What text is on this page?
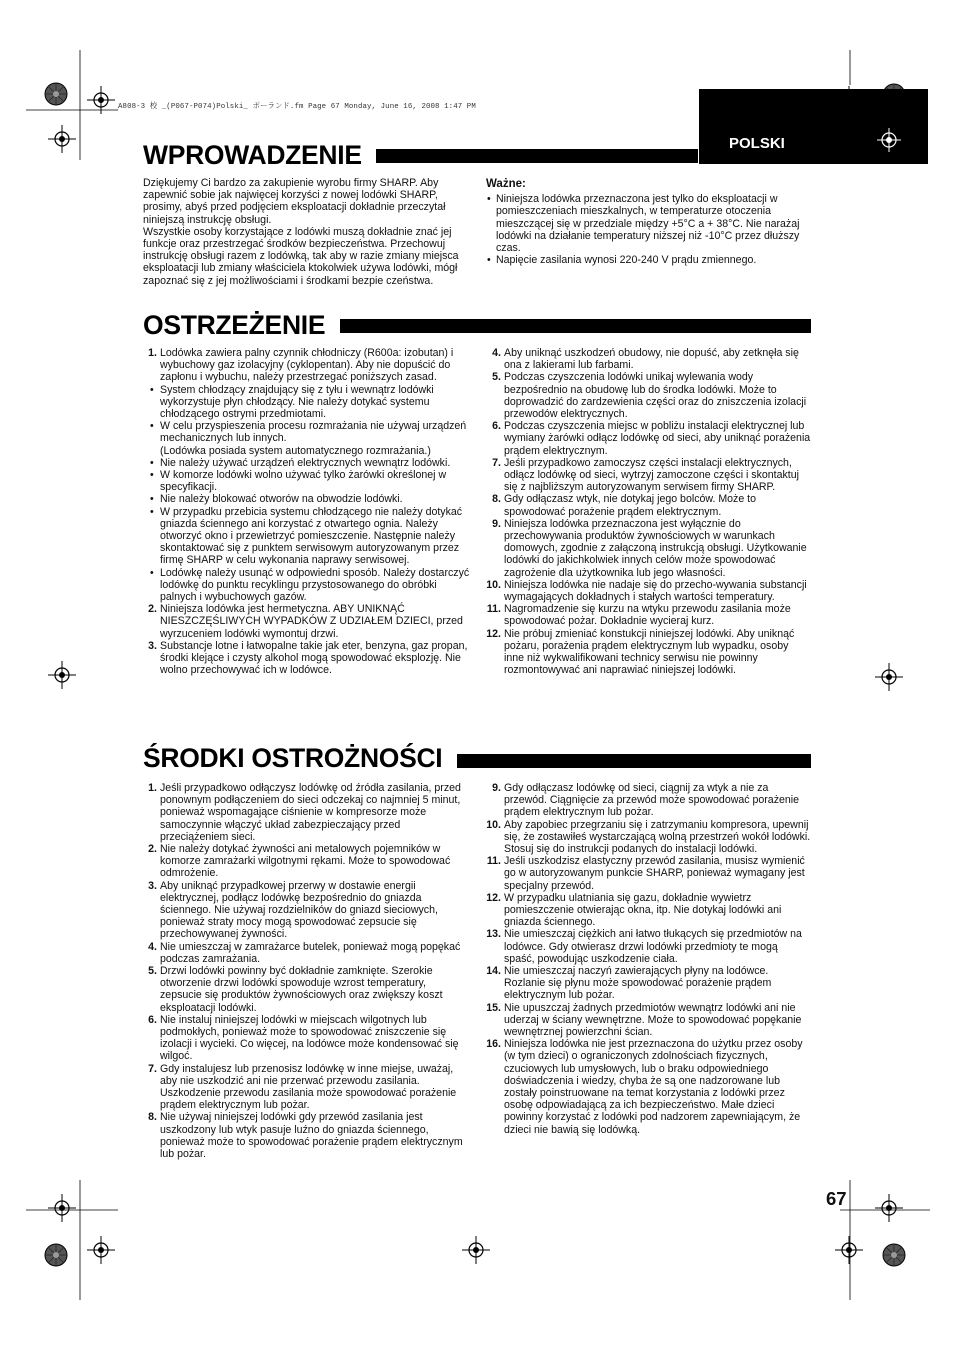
A808-3 校 _(P067-P074)Polski_ ポーランド.fm Page 67 Monday, June 16, 2008 1:47 PM
POLSKI
WPROWADZENIE

Dziękujemy Ci bardzo za zakupienie wyrobu firmy SHARP. Aby zapewnić sobie jak najwięcej korzyści z nowej lodówki SHARP, prosimy, abyś przed podjęciem eksploatacji dokładnie przeczytał niniejszą instrukcję obsługi.

Wszystkie osoby korzystające z lodówki muszą dokładnie znać jej funkcje oraz przestrzegać środków bezpieczeństwa. Przechowuj instrukcję obsługi razem z lodówką, tak aby w razie zmiany miejsca eksploatacji lub zmiany właściciela ktokolwiek używa lodówki, mógł zapoznać się z jej możliwościami i środkami bezpie czeństwa.

Ważne:
• Niniejsza lodówka przeznaczona jest tylko do eksploatacji w pomieszczeniach mieszkalnych, w temperaturze otoczenia mieszczącej się w przedziale między +5°C a + 38°C. Nie narażaj lodówki na działanie temperatury niższej niż -10°C przez dłuższy czas.
• Napięcie zasilania wynosi 220-240 V prądu zmiennego.
OSTRZEŻENIE
1. Lodówka zawiera palny czynnik chłodniczy (R600a: izobutan) i wybuchowy gaz izolacyjny (cyklopentan). Aby nie dopuścić do zapłonu i wybuchu, należy przestrzegać poniższych zasad.
• System chłodzący znajdujący się z tyłu i wewnątrz lodówki wykorzystuje płyn chłodzący. Nie należy dotykać systemu chłodzącego ostrymi przedmiotami.
• W celu przyspieszenia procesu rozmrażania nie używaj urządzeń mechanicznych lub innych.
(Lodówka posiada system automatycznego rozmrażania.)
• Nie należy używać urządzeń elektrycznych wewnątrz lodówki.
• W komorze lodówki wolno używać tylko żarówki określonej w specyfikacji.
• Nie należy blokować otworów na obwodzie lodówki.
• W przypadku przebicia systemu chłodzącego nie należy dotykać gniazda ściennego ani korzystać z otwartego ognia. Należy otworzyć okno i przewietrzyć pomieszczenie. Następnie należy skontaktować się z punktem serwisowym autoryzowanym przez firmę SHARP w celu wykonania naprawy serwisowej.
• Lodówkę należy usunąć w odpowiedni sposób. Należy dostarczyć lodówkę do punktu recyklingu przystosowanego do obróbki palnych i wybuchowych gazów.
2. Niniejsza lodówka jest hermetyczna. ABY UNIKNĄĆ NIESZCZĘŚLIWYCH WYPADKÓW Z UDZIAŁEM DZIECI, przed wyrzuceniem lodówki wymontuj drzwi.
3. Substancje lotne i łatwopalne takie jak eter, benzyna, gaz propan, środki klejące i czysty alkohol mogą spowodować eksplozję. Nie wolno przechowywać ich w lodówce.
4. Aby uniknąć uszkodzeń obudowy, nie dopuść, aby zetknęła się ona z lakierami lub farbami.
5. Podczas czyszczenia lodówki unikaj wylewania wody bezpośrednio na obudowę lub do środka lodówki. Może to doprowadzić do zardzewienia części oraz do zniszczenia izolacji przewodów elektrycznych.
6. Podczas czyszczenia miejsc w pobliżu instalacji elektrycznej lub wymiany żarówki odłącz lodówkę od sieci, aby uniknąć porażenia prądem elektrycznym.
7. Jeśli przypadkowo zamoczysz części instalacji elektrycznych, odłącz lodówkę od sieci, wytrzyj zamoczone części i skontaktuj się z najbliższym autoryzowanym serwisem firmy SHARP.
8. Gdy odłączasz wtyk, nie dotykaj jego bolców. Może to spowodować porażenie prądem elektrycznym.
9. Niniejsza lodówka przeznaczona jest wyłącznie do przechowywania produktów żywnościowych w warunkach domowych, zgodnie z załączoną instrukcją obsługi. Użytkowanie lodówki do jakichkolwiek innych celów może spowodować zagrożenie dla użytkownika lub jego własności.
10. Niniejsza lodówka nie nadaje się do przecho-wywania substancji wymagających dokładnych i stałych wartości temperatury.
11. Nagromadzenie się kurzu na wtyku przewodu zasilania może spowodować pożar. Dokładnie wycieraj kurz.
12. Nie próbuj zmieniać konstukcji niniejszej lodówki. Aby uniknąć pożaru, porażenia prądem elektrycznym lub wypadku, osoby inne niż wykwalifikowani technicy serwisu nie powinny rozmontowywać ani naprawiać niniejszej lodówki.
ŚRODKI OSTROŻNOŚCI
1. Jeśli przypadkowo odłączysz lodówkę od źródła zasilania, przed ponownym podłączeniem do sieci odczekaj co najmniej 5 minut, ponieważ wspomagające ciśnienie w kompresorze może samoczynnie włączyć układ zabezpieczający przed przeciążeniem sieci.
2. Nie należy dotykać żywności ani metalowych pojemników w komorze zamrażarki wilgotnymi rękami. Może to spowodować odmrożenie.
3. Aby uniknąć przypadkowej przerwy w dostawie energii elektrycznej, podłącz lodówkę bezpośrednio do gniazda ściennego. Nie używaj rozdzielników do gniazd sieciowych, ponieważ straty mocy mogą spowodować zepsucie się przechowywanej żywności.
4. Nie umieszczaj w zamrażarce butelek, ponieważ mogą popękać podczas zamrażania.
5. Drzwi lodówki powinny być dokładnie zamknięte. Szerokie otworzenie drzwi lodówki spowoduje wzrost temperatury, zepsucie się produktów żywnościowych oraz zwiększy koszt eksploatacji lodówki.
6. Nie instaluj niniejszej lodówki w miejscach wilgotnych lub podmokłych, ponieważ może to spowodować zniszczenie się izolacji i wycieki. Co więcej, na lodówce może kondensować się wilgoć.
7. Gdy instalujesz lub przenosisz lodówkę w inne miejse, uważaj, aby nie uszkodzić ani nie przerwać przewodu zasilania. Uszkodzenie przewodu zasilania może spowodować porażenie prądem elektrycznym lub pożar.
8. Nie używaj niniejszej lodówki gdy przewód zasilania jest uszkodzony lub wtyk pasuje luźno do gniazda ściennego, ponieważ może to spowodować porażenie prądem elektrycznym lub pożar.
9. Gdy odłączasz lodówkę od sieci, ciągnij za wtyk a nie za przewód. Ciągnięcie za przewód może spowodować porażenie prądem elektrycznym lub pożar.
10. Aby zapobiec przegrzaniu się i zatrzymaniu kompresora, upewnij się, że zostawiłeś wystarczającą wolną przestrzeń wokół lodówki. Stosuj się do instrukcji podanych do instalacji lodówki.
11. Jeśli uszkodzisz elastyczny przewód zasilania, musisz wymienić go w autoryzowanym punkcie SHARP, ponieważ wymagany jest specjalny przewód.
12. W przypadku ulatniania się gazu, dokładnie wywietrz pomieszczenie otwierając okna, itp. Nie dotykaj lodówki ani gniazda ściennego.
13. Nie umieszczaj ciężkich ani łatwo tłukących się przedmiotów na lodówce. Gdy otwierasz drzwi lodówki przedmioty te mogą spaść, powodując uszkodzenie ciała.
14. Nie umieszczaj naczyń zawierających płyny na lodówce. Rozlanie się płynu może spowodować porażenie prądem elektrycznym lub pożar.
15. Nie upuszczaj żadnych przedmiotów wewnątrz lodówki ani nie uderzaj w ściany wewnętrzne. Może to spowodować popękanie wewnętrznej powierzchni ścian.
16. Niniejsza lodówka nie jest przeznaczona do użytku przez osoby (w tym dzieci) o ograniczonych zdolnościach fizycznych, czuciowych lub umysłowych, lub o braku odpowiedniego doświadczenia i wiedzy, chyba że są one nadzorowane lub zostały poinstruowane na temat korzystania z lodówki przez osobę odpowiadającą za ich bezpieczeństwo. Małe dzieci powinny korzystać z lodówki pod nadzorem zapewniającym, że dzieci nie bawią się lodówką.
67
